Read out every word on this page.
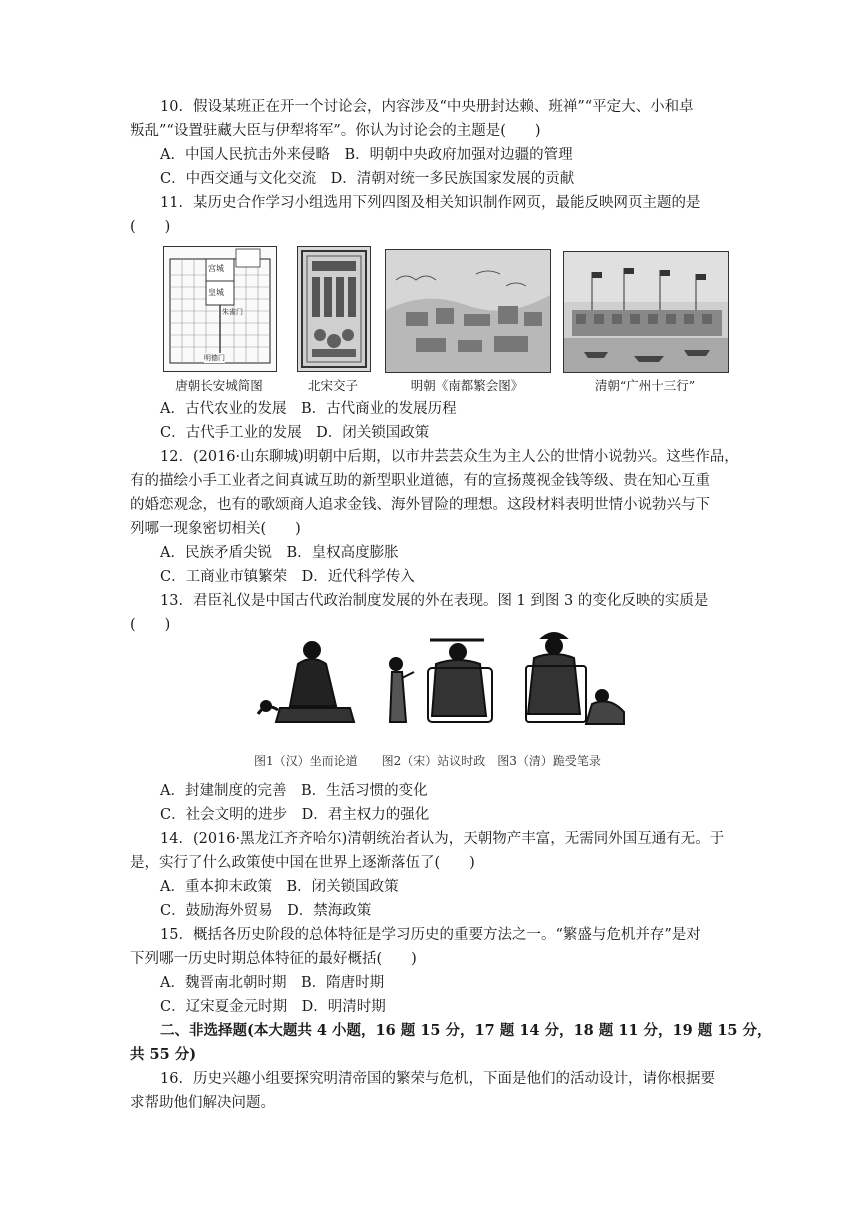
10．假设某班正在开一个讨论会，内容涉及“中央册封达赖、班禅”“平定大、小和卓
叛乱”“设置驻藏大臣与伊犁将军”。你认为讨论会的主题是(　　)
A．中国人民抗击外来侵略　B．明朝中央政府加强对边疆的管理
C．中西交通与文化交流　D．清朝对统一多民族国家发展的贡献
11．某历史合作学习小组选用下列四图及相关知识制作网页，最能反映网页主题的是
(　　)
宫城
皇城
朱雀门
明德门
唐朝长安城简图	北宋交子	明朝《南都繁会图》	清朝“广州十三行”
A．古代农业的发展　B．古代商业的发展历程
C．古代手工业的发展　D．闭关锁国政策
12．(2016·山东聊城)明朝中后期，以市井芸芸众生为主人公的世情小说勃兴。这些作品，
有的描绘小手工业者之间真诚互助的新型职业道德，有的宣扬蔑视金钱等级、贵在知心互重
的婚恋观念，也有的歌颂商人追求金钱、海外冒险的理想。这段材料表明世情小说勃兴与下
列哪一现象密切相关(　　)
A．民族矛盾尖锐　B．皇权高度膨胀
C．工商业市镇繁荣　D．近代科学传入
13．君臣礼仪是中国古代政治制度发展的外在表现。图 1 到图 3 的变化反映的实质是
(　　)
图1（汉）坐而论道　　图2（宋）站议时政　图3（清）跪受笔录
A．封建制度的完善　B．生活习惯的变化
C．社会文明的进步　D．君主权力的强化
14．(2016·黑龙江齐齐哈尔)清朝统治者认为，天朝物产丰富，无需同外国互通有无。于
是，实行了什么政策使中国在世界上逐渐落伍了(　　)
A．重本抑末政策　B．闭关锁国政策
C．鼓励海外贸易　D．禁海政策
15．概括各历史阶段的总体特征是学习历史的重要方法之一。“繁盛与危机并存”是对
下列哪一历史时期总体特征的最好概括(　　)
A．魏晋南北朝时期　B．隋唐时期
C．辽宋夏金元时期　D．明清时期
二、非选择题(本大题共 4 小题，16 题 15 分，17 题 14 分，18 题 11 分，19 题 15 分，
共 55 分)
16．历史兴趣小组要探究明清帝国的繁荣与危机，下面是他们的活动设计，请你根据要
求帮助他们解决问题。
